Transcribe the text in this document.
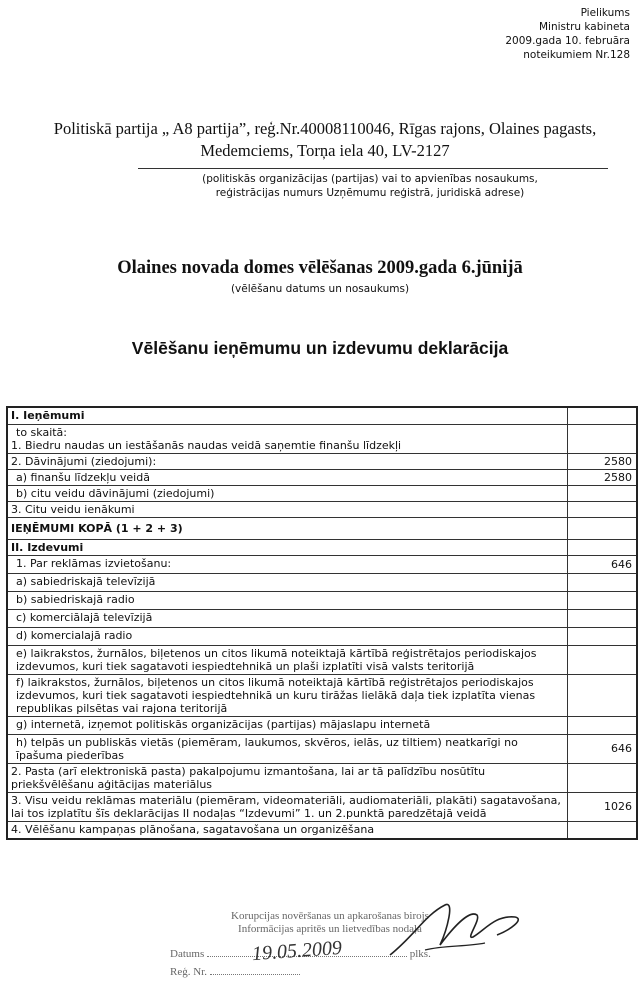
Pielikums
Ministru kabineta
2009.gada 10. februāra
noteikumiem Nr.128
Politiskā partija „ A8 partija”, reģ.Nr.40008110046, Rīgas rajons, Olaines pagasts,
Medemciems, Torņa iela 40, LV-2127
(politiskās organizācijas (partijas) vai to apvienības nosaukums,
reģistrācijas numurs Uzņēmumu reģistrā, juridiskā adrese)
Olaines novada domes vēlēšanas 2009.gada 6.jūnijā
(vēlēšanu datums un nosaukums)
Vēlēšanu ieņēmumu un izdevumu deklarācija
I. Ieņēmumi	

to skaitā:
1. Biedru naudas un iestāšanās naudas veidā saņemtie finanšu līdzekļi	

2. Dāvinājumi (ziedojumi):	2580
a) finanšu līdzekļu veidā	2580
b) citu veidu dāvinājumi (ziedojumi)	
3. Citu veidu ienākumi	
IEŅĒMUMI KOPĀ (1 + 2 + 3)	
II. Izdevumi	
1. Par reklāmas izvietošanu:	646
a) sabiedriskajā televīzijā	
b) sabiedriskajā radio	
c) komerciālajā televīzijā	
d) komercialajā radio	
e) laikrakstos, žurnālos, biļetenos un citos likumā noteiktajā kārtībā reģistrētajos periodiskajos izdevumos, kuri tiek sagatavoti iespiedtehnikā un plaši izplatīti visā valsts teritorijā	
f) laikrakstos, žurnālos, biļetenos un citos likumā noteiktajā kārtībā reģistrētajos periodiskajos izdevumos, kuri tiek sagatavoti iespiedtehnikā un kuru tirāžas lielākā daļa tiek izplatīta vienas republikas pilsētas vai rajona teritorijā	
g) internetā, izņemot politiskās organizācijas (partijas) mājaslapu internetā	
h) telpās un publiskās vietās (piemēram, laukumos, skvēros, ielās, uz tiltiem) neatkarīgi no īpašuma piederības	646
2. Pasta (arī elektroniskā pasta) pakalpojumu izmantošana, lai ar tā palīdzību nosūtītu priekšvēlēšanu aģitācijas materiālus	
3. Visu veidu reklāmas materiālu (piemēram, videomateriāli, audiomateriāli, plakāti) sagatavošana, lai tos izplatītu šīs deklarācijas II nodaļas “Izdevumi” 1. un 2.punktā paredzētajā veidā	1026
4. Vēlēšanu kampaņas plānošana, sagatavošana un organizēšana	
Korupcijas novēršanas un apkarošanas birojs
Informācijas apritēs un lietvedības nodaļa
Datums	plks.
Reģ. Nr.
19.05.2009
